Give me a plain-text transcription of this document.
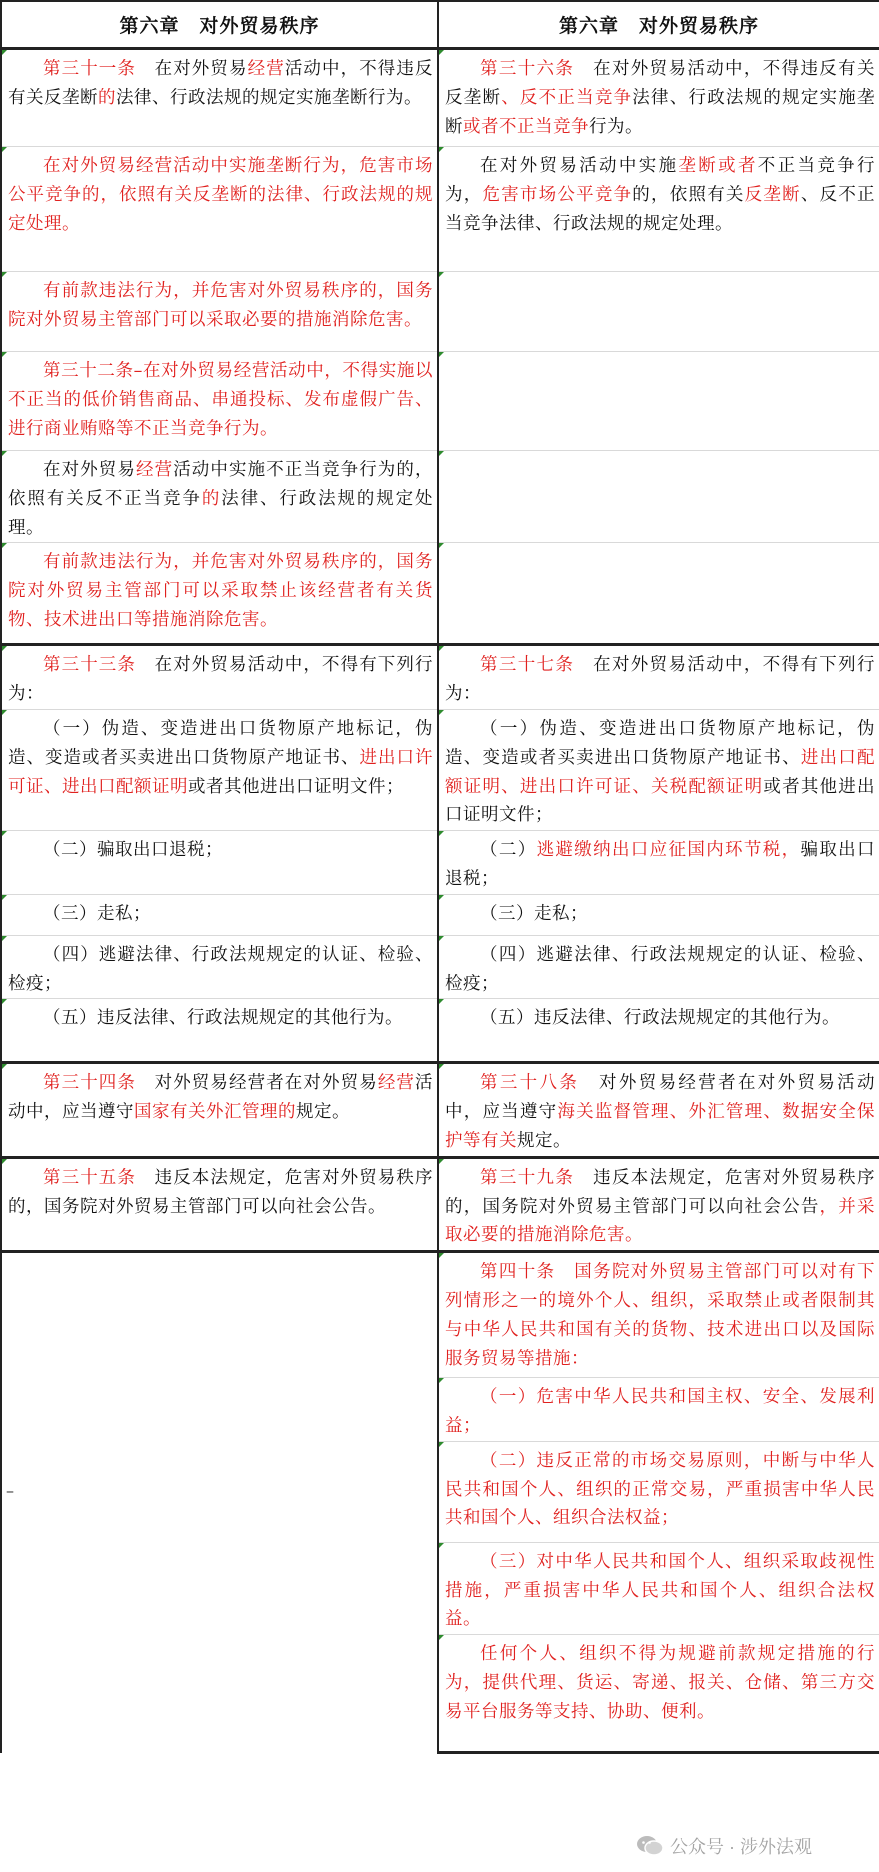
第六章　对外贸易秩序	第六章　对外贸易秩序

第三十一条　在对外贸易经营活动中，不得违反有关反垄断的法律、行政法规的规定实施垄断行为。	第三十六条　在对外贸易活动中，不得违反有关反垄断、反不正当竞争法律、行政法规的规定实施垄断或者不正当竞争行为。

在对外贸易经营活动中实施垄断行为，危害市场公平竞争的，依照有关反垄断的法律、行政法规的规定处理。	在对外贸易活动中实施垄断或者不正当竞争行为，危害市场公平竞争的，依照有关反垄断、反不正当竞争法律、行政法规的规定处理。

有前款违法行为，并危害对外贸易秩序的，国务院对外贸易主管部门可以采取必要的措施消除危害。	

第三十二条–在对外贸易经营活动中，不得实施以不正当的低价销售商品、串通投标、发布虚假广告、进行商业贿赂等不正当竞争行为。	

在对外贸易经营活动中实施不正当竞争行为的，依照有关反不正当竞争的法律、行政法规的规定处理。	

有前款违法行为，并危害对外贸易秩序的，国务院对外贸易主管部门可以采取禁止该经营者有关货物、技术进出口等措施消除危害。	

第三十三条　在对外贸易活动中，不得有下列行为：	第三十七条　在对外贸易活动中，不得有下列行为：

（一）伪造、变造进出口货物原产地标记，伪造、变造或者买卖进出口货物原产地证书、进出口许可证、进出口配额证明或者其他进出口证明文件；	（一）伪造、变造进出口货物原产地标记，伪造、变造或者买卖进出口货物原产地证书、进出口配额证明、进出口许可证、关税配额证明或者其他进出口证明文件；

（二）骗取出口退税；	（二）逃避缴纳出口应征国内环节税，骗取出口退税；

（三）走私；	（三）走私；

（四）逃避法律、行政法规规定的认证、检验、检疫；	（四）逃避法律、行政法规规定的认证、检验、检疫；

（五）违反法律、行政法规规定的其他行为。	（五）违反法律、行政法规规定的其他行为。

第三十四条　对外贸易经营者在对外贸易经营活动中，应当遵守国家有关外汇管理的规定。	第三十八条　对外贸易经营者在对外贸易活动中，应当遵守海关监督管理、外汇管理、数据安全保护等有关规定。

第三十五条　违反本法规定，危害对外贸易秩序的，国务院对外贸易主管部门可以向社会公告。	第三十九条　违反本法规定，危害对外贸易秩序的，国务院对外贸易主管部门可以向社会公告，并采取必要的措施消除危害。

–	第四十条　国务院对外贸易主管部门可以对有下列情形之一的境外个人、组织，采取禁止或者限制其与中华人民共和国有关的货物、技术进出口以及国际服务贸易等措施：

	（一）危害中华人民共和国主权、安全、发展利益；

	（二）违反正常的市场交易原则，中断与中华人民共和国个人、组织的正常交易，严重损害中华人民共和国个人、组织合法权益；

	（三）对中华人民共和国个人、组织采取歧视性措施，严重损害中华人民共和国个人、组织合法权益。

	任何个人、组织不得为规避前款规定措施的行为，提供代理、货运、寄递、报关、仓储、第三方交易平台服务等支持、协助、便利。
公众号 · 涉外法观
